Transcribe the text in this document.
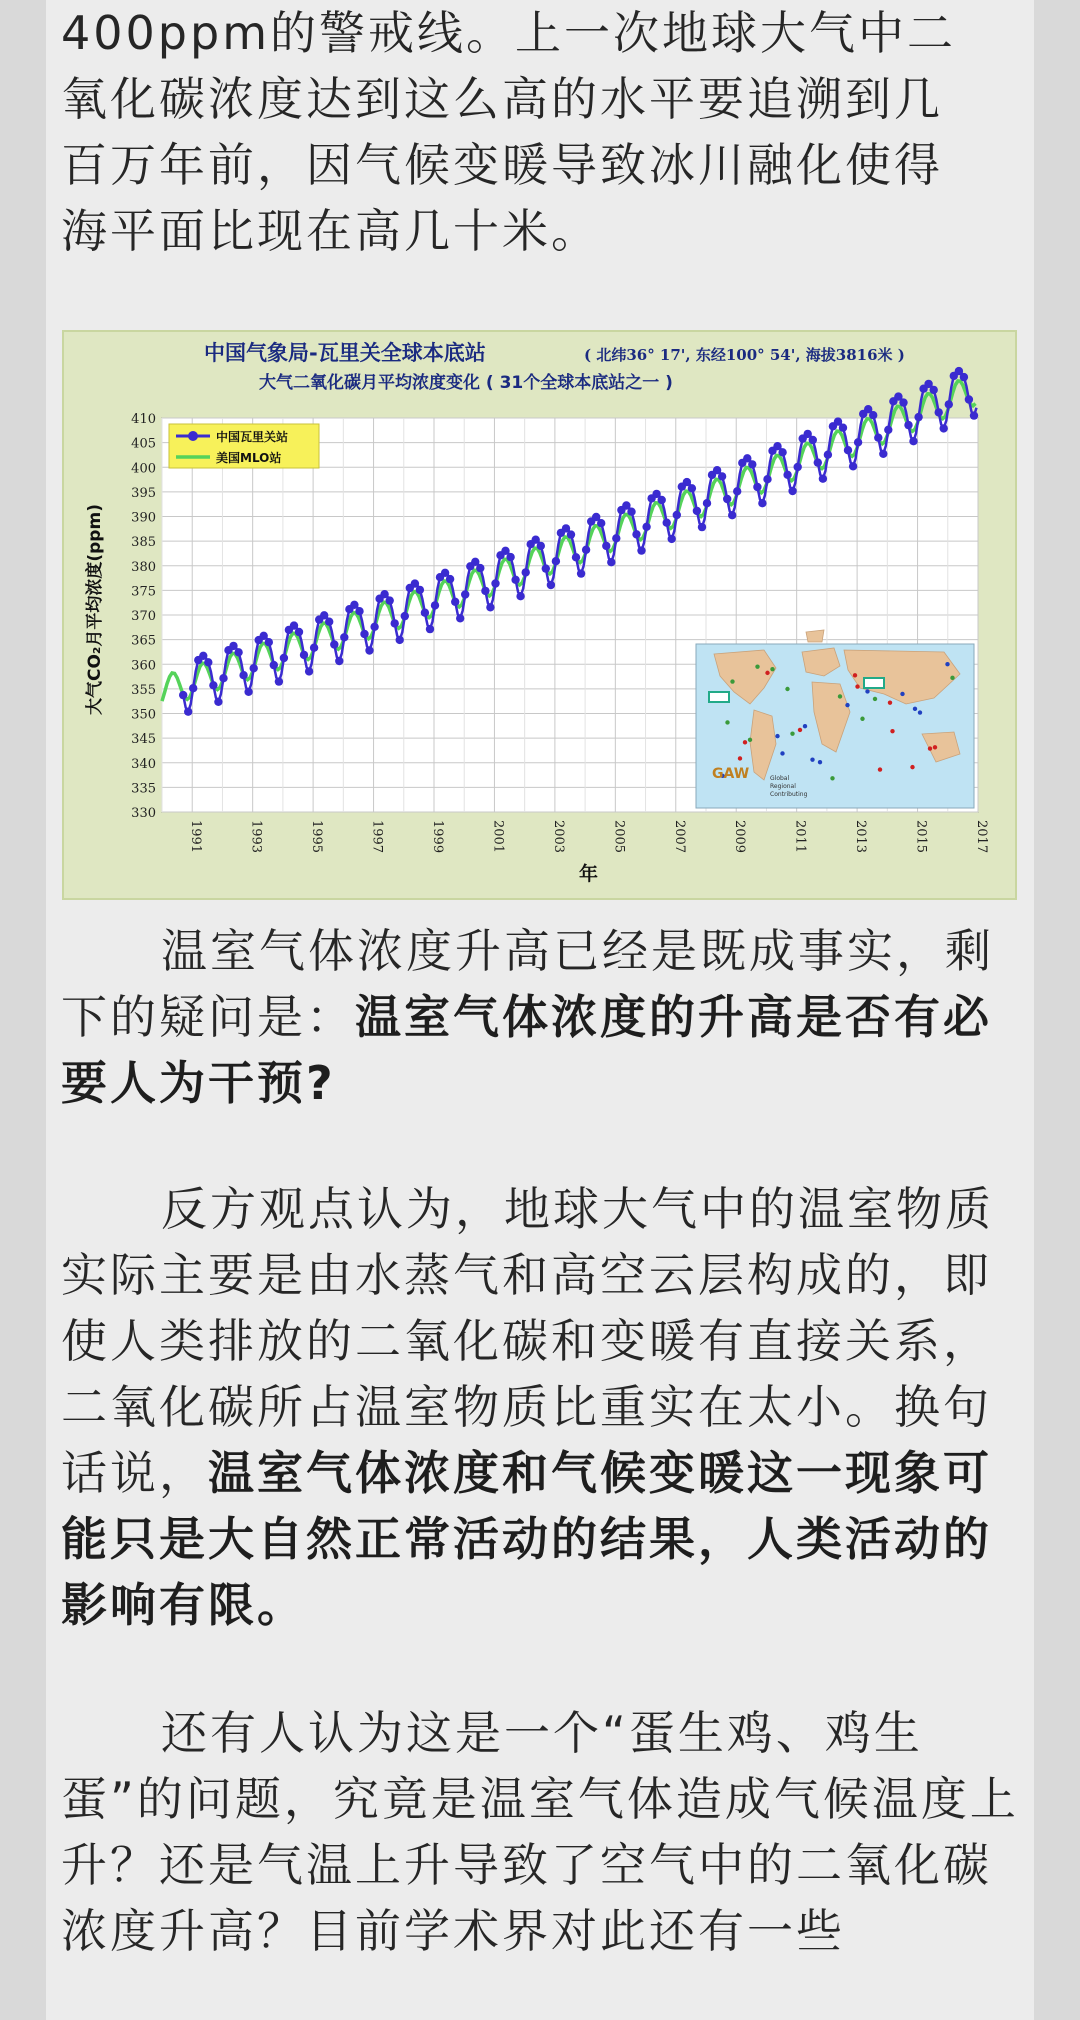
400ppm的警戒线。上一次地球大气中二
氧化碳浓度达到这么高的水平要追溯到几
百万年前，因气候变暖导致冰川融化使得
海平面比现在高几十米。

中国气象局-瓦里关全球本底站	( 北纬36° 17', 东经100° 54', 海拔3816米 )
大气二氧化碳月平均浓度变化 ( 31个全球本底站之一 )
330
335
340
345
350
355
360
365
370
375
380
385
390
395
400
405
410
1991	1993	1995	1997	1999	2001	2003	2005	2007	2009	2011	2013	2015	2017
大气CO₂月平均浓度(ppm)
年
GAW	Global
Regional
Contributing
中国瓦里关站
美国MLO站

温室气体浓度升高已经是既成事实，剩下的疑问是：温室气体浓度的升高是否有必要人为干预?

反方观点认为，地球大气中的温室物质实际主要是由水蒸气和高空云层构成的，即使人类排放的二氧化碳和变暖有直接关系，二氧化碳所占温室物质比重实在太小。换句话说，温室气体浓度和气候变暖这一现象可能只是大自然正常活动的结果，人类活动的影响有限。

还有人认为这是一个“蛋生鸡、鸡生蛋”的问题，究竟是温室气体造成气候温度上升？还是气温上升导致了空气中的二氧化碳浓度升高？目前学术界对此还有一些
